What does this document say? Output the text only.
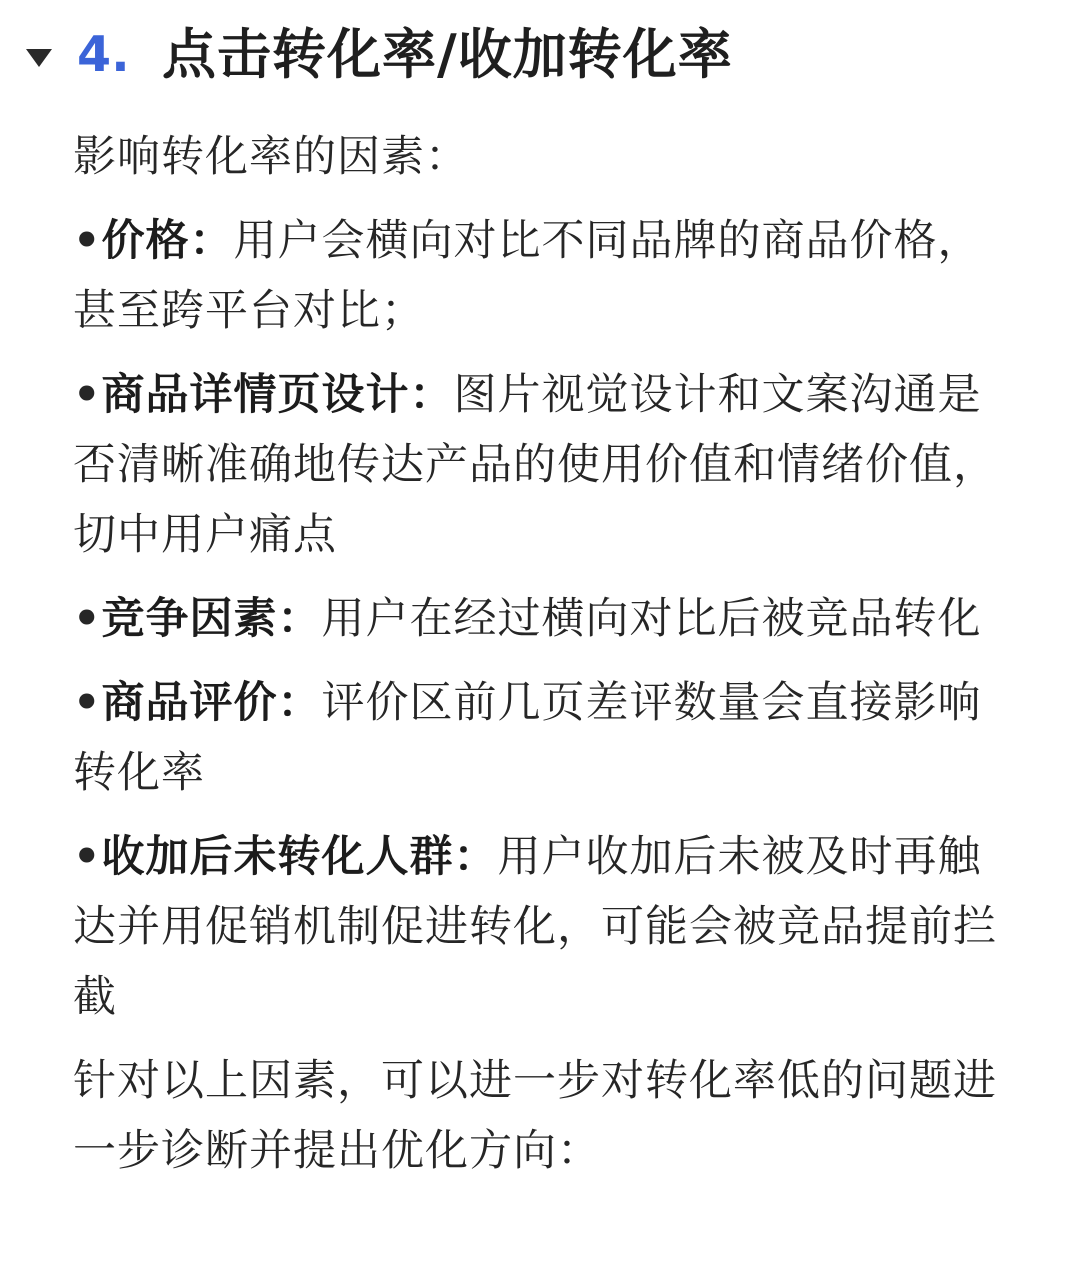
4. 点击转化率/收加转化率

影响转化率的因素：

•价格：用户会横向对比不同品牌的商品价格，甚至跨平台对比；

•商品详情页设计：图片视觉设计和文案沟通是否清晰准确地传达产品的使用价值和情绪价值，切中用户痛点

•竞争因素：用户在经过横向对比后被竞品转化

•商品评价：评价区前几页差评数量会直接影响转化率

•收加后未转化人群：用户收加后未被及时再触达并用促销机制促进转化，可能会被竞品提前拦截

针对以上因素，可以进一步对转化率低的问题进一步诊断并提出优化方向：
